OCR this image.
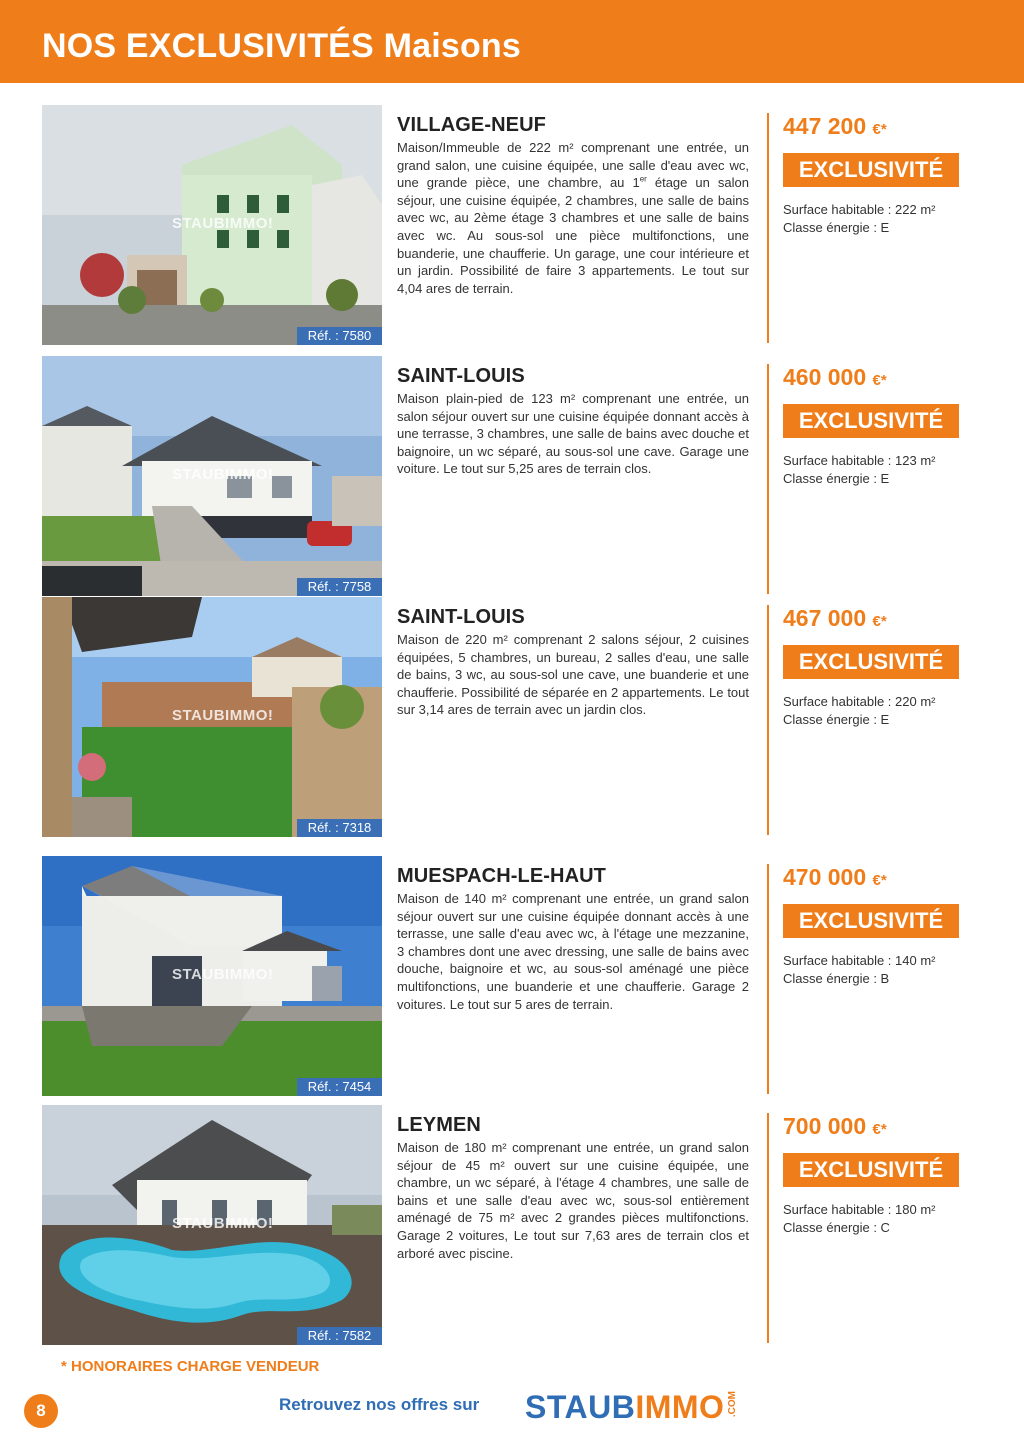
NOS EXCLUSIVITÉS Maisons
STAUBIMMO!
Réf. : 7580
VILLAGE-NEUF
Maison/Immeuble de 222 m² comprenant une entrée, un grand salon, une cuisine équipée, une salle d'eau avec wc, une grande pièce, une chambre, au 1er étage un salon séjour, une cuisine équipée, 2 chambres, une salle de bains avec wc, au 2ème étage 3 chambres et une salle de bains avec wc. Au sous-sol une pièce multifonctions, une buanderie, une chaufferie. Un garage, une cour intérieure et un jardin. Possibilité de faire 3 appartements. Le tout sur 4,04 ares de terrain.
447 200 €*
EXCLUSIVITÉ
Surface habitable : 222 m²
Classe énergie : E
STAUBIMMO!
Réf. : 7758
SAINT-LOUIS
Maison plain-pied de 123 m² comprenant une entrée, un salon séjour ouvert sur une cuisine équipée donnant accès à une terrasse, 3 chambres, une salle de bains avec douche et baignoire, un wc séparé, au sous-sol une cave. Garage une voiture. Le tout sur 5,25 ares de terrain clos.
460 000 €*
EXCLUSIVITÉ
Surface habitable : 123 m²
Classe énergie : E
STAUBIMMO!
Réf. : 7318
SAINT-LOUIS
Maison de 220 m² comprenant 2 salons séjour, 2 cuisines équipées, 5 chambres, un bureau, 2 salles d'eau, une salle de bains, 3 wc, au sous-sol une cave, une buanderie et une chaufferie. Possibilité de séparée en 2 appartements. Le tout sur 3,14 ares de terrain avec un jardin clos.
467 000 €*
EXCLUSIVITÉ
Surface habitable : 220 m²
Classe énergie : E
STAUBIMMO!
Réf. : 7454
MUESPACH-LE-HAUT
Maison de 140 m² comprenant une entrée, un grand salon séjour ouvert sur une cuisine équipée donnant accès à une terrasse, une salle d'eau avec wc, à l'étage une mezzanine, 3 chambres dont une avec dressing, une salle de bains avec douche, baignoire et wc, au sous-sol aménagé une pièce multifonctions, une buanderie et une chaufferie. Garage 2 voitures. Le tout sur 5 ares de terrain.
470 000 €*
EXCLUSIVITÉ
Surface habitable : 140 m²
Classe énergie : B
STAUBIMMO!
Réf. : 7582
LEYMEN
Maison de 180 m² comprenant une entrée, un grand salon séjour de 45 m² ouvert sur une cuisine équipée, une chambre, un wc séparé, à l'étage 4 chambres, une salle de bains et une salle d'eau avec wc, sous-sol entièrement aménagé de 75 m² avec 2 grandes pièces multifonctions. Garage 2 voitures, Le tout sur 7,63 ares de terrain clos et arboré avec piscine.
700 000 €*
EXCLUSIVITÉ
Surface habitable : 180 m²
Classe énergie : C
* HONORAIRES CHARGE VENDEUR
8	Retrouvez nos offres sur STAUBIMMO .COM
